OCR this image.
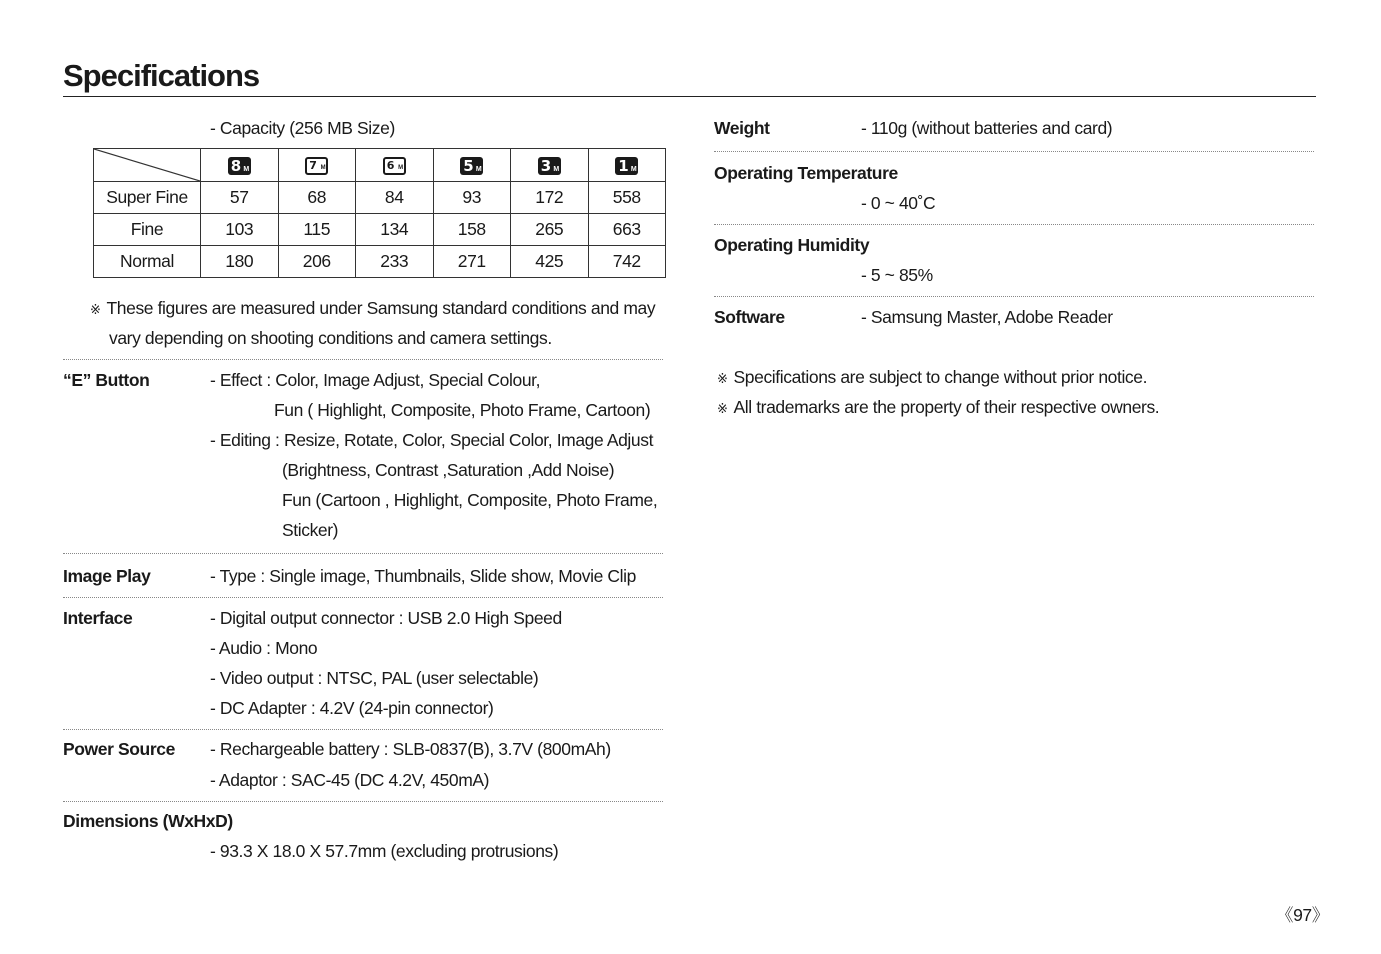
Specifications
- Capacity (256 MB Size)

8 M	7 M	6 M	5 M	3 M	1 M

Super Fine	57	68	84	93	172	558
Fine	103	115	134	158	265	663
Normal	180	206	233	271	425	742
※ These figures are measured under Samsung standard conditions and may
vary depending on shooting conditions and camera settings.
“E” Button	- Effect : Color, Image Adjust, Special Colour,
Fun ( Highlight, Composite, Photo Frame, Cartoon)
- Editing : Resize, Rotate, Color, Special Color, Image Adjust
(Brightness, Contrast ,Saturation ,Add Noise)
Fun (Cartoon , Highlight, Composite, Photo Frame,
Sticker)
Image Play	- Type : Single image, Thumbnails, Slide show, Movie Clip
Interface	- Digital output connector : USB 2.0 High Speed
- Audio : Mono
- Video output : NTSC, PAL (user selectable)
- DC Adapter : 4.2V (24-pin connector)
Power Source - Rechargeable battery : SLB-0837(B), 3.7V (800mAh)
- Adaptor : SAC-45 (DC 4.2V, 450mA)
Dimensions (WxHxD)
- 93.3 X 18.0 X 57.7mm (excluding protrusions)
Weight	- 110g (without batteries and card)
Operating Temperature
- 0 ~ 40˚C
Operating Humidity
- 5 ~ 85%
Software	- Samsung Master, Adobe Reader
※ Specifications are subject to change without prior notice.
※ All trademarks are the property of their respective owners.
《97》
